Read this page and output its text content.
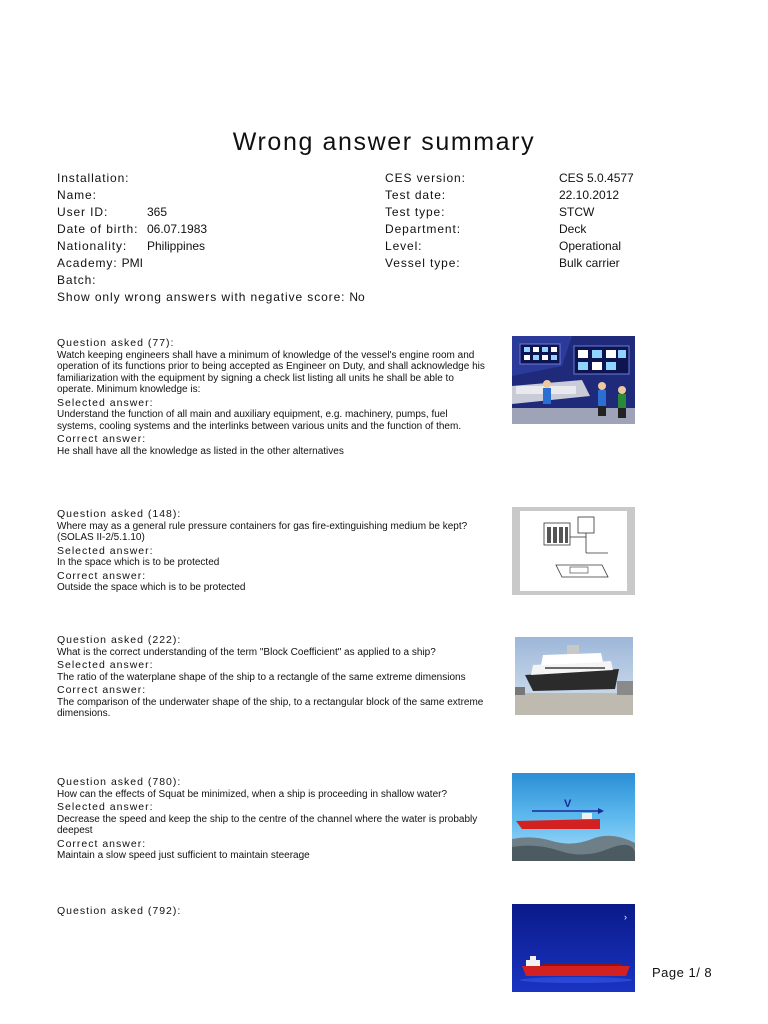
Wrong answer summary
Installation:	CES version:	CES 5.0.4577
Name:	Test date:	22.10.2012
User ID:	365	Test type:	STCW
Date of birth: 06.07.1983	Department:	Deck
Nationality: Philippines	Level:	Operational
Academy: PMI	Vessel type:	Bulk carrier
Batch:
Show only wrong answers with negative score: No
Question asked (77):
Watch keeping engineers shall have a minimum of knowledge of the vessel's engine room and operation of its functions prior to being accepted as Engineer on Duty, and shall acknowledge his familiarization with the equipment by signing a check list listing all units he shall be able to operate. Minimum knowledge is:
Selected answer:
Understand the function of all main and auxiliary equipment, e.g. machinery, pumps, fuel systems, cooling systems and the interlinks between various units and the function of them.
Correct answer:
He shall have all the knowledge as listed in the other alternatives
Question asked (148):
Where may as a general rule pressure containers for gas fire-extinguishing medium be kept? (SOLAS II-2/5.1.10)
Selected answer:
In the space which is to be protected
Correct answer:
Outside the space which is to be protected
Question asked (222):
What is the correct understanding of the term "Block Coefficient" as applied to a ship?
Selected answer:
The ratio of the waterplane shape of the ship to a rectangle of the same extreme dimensions
Correct answer:
The comparison of the underwater shape of the ship, to a rectangular block of the same extreme dimensions.
Question asked (780):
How can the effects of Squat be minimized, when a ship is proceeding in shallow water?
Selected answer:
Decrease the speed and keep the ship to the centre of the channel where the water is probably deepest
Correct answer:
Maintain a slow speed just sufficient to maintain steerage
Question asked (792):
V
›
Page 1/ 8
